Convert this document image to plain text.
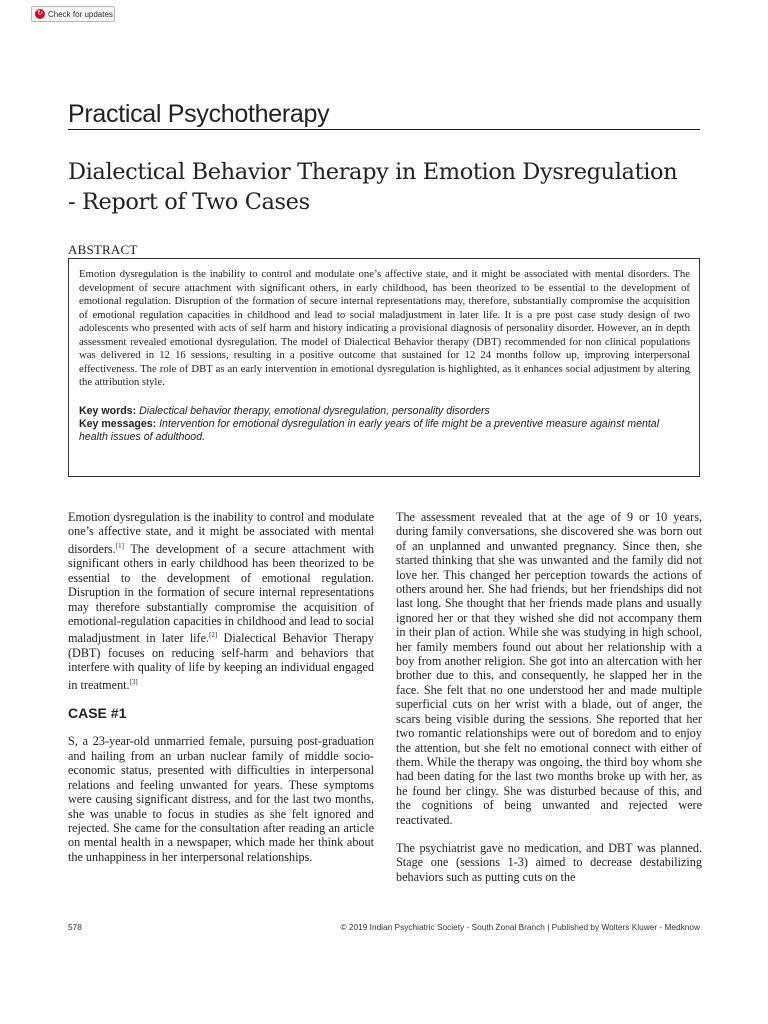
↻ Check for updates
Practical Psychotherapy
Dialectical Behavior Therapy in Emotion Dysregulation - Report of Two Cases
ABSTRACT

Emotion dysregulation is the inability to control and modulate one’s affective state, and it might be associated with mental disorders. The development of secure attachment with significant others, in early childhood, has been theorized to be essential to the development of emotional regulation. Disruption of the formation of secure internal representations may, therefore, substantially compromise the acquisition of emotional regulation capacities in childhood and lead to social maladjustment in later life. It is a pre post case study design of two adolescents who presented with acts of self harm and history indicating a provisional diagnosis of personality disorder. However, an in depth assessment revealed emotional dysregulation. The model of Dialectical Behavior therapy (DBT) recommended for non clinical populations was delivered in 12 16 sessions, resulting in a positive outcome that sustained for 12 24 months follow up, improving interpersonal effectiveness. The role of DBT as an early intervention in emotional dysregulation is highlighted, as it enhances social adjustment by altering the attribution style.

Key words: Dialectical behavior therapy, emotional dysregulation, personality disorders
Key messages: Intervention for emotional dysregulation in early years of life might be a preventive measure against mental health issues of adulthood.

Emotion dysregulation is the inability to control and modulate one’s affective state, and it might be associated with mental disorders.[1] The development of a secure attachment with significant others in early childhood has been theorized to be essential to the development of emotional regulation. Disruption in the formation of secure internal representations may therefore substantially compromise the acquisition of emotional-regulation capacities in childhood and lead to social maladjustment in later life.[2] Dialectical Behavior Therapy (DBT) focuses on reducing self-harm and behaviors that interfere with quality of life by keeping an individual engaged in treatment.[3]

CASE #1

S, a 23-year-old unmarried female, pursuing post-graduation and hailing from an urban nuclear family of middle socio-economic status, presented with difficulties in interpersonal relations and feeling unwanted for years. These symptoms were causing significant distress, and for the last two months, she was unable to focus in studies as she felt ignored and rejected. She came for the consultation after reading an article on mental health in a newspaper, which made her think about the unhappiness in her interpersonal relationships.

The assessment revealed that at the age of 9 or 10 years, during family conversations, she discovered she was born out of an unplanned and unwanted pregnancy. Since then, she started thinking that she was unwanted and the family did not love her. This changed her perception towards the actions of others around her. She had friends, but her friendships did not last long. She thought that her friends made plans and usually ignored her or that they wished she did not accompany them in their plan of action. While she was studying in high school, her family members found out about her relationship with a boy from another religion. She got into an altercation with her brother due to this, and consequently, he slapped her in the face. She felt that no one understood her and made multiple superficial cuts on her wrist with a blade, out of anger, the scars being visible during the sessions. She reported that her two romantic relationships were out of boredom and to enjoy the attention, but she felt no emotional connect with either of them. While the therapy was ongoing, the third boy whom she had been dating for the last two months broke up with her, as he found her clingy. She was disturbed because of this, and the cognitions of being unwanted and rejected were reactivated.

The psychiatrist gave no medication, and DBT was planned. Stage one (sessions 1-3) aimed to decrease destabilizing behaviors such as putting cuts on the

578	© 2019 Indian Psychiatric Society - South Zonal Branch | Published by Wolters Kluwer - Medknow
